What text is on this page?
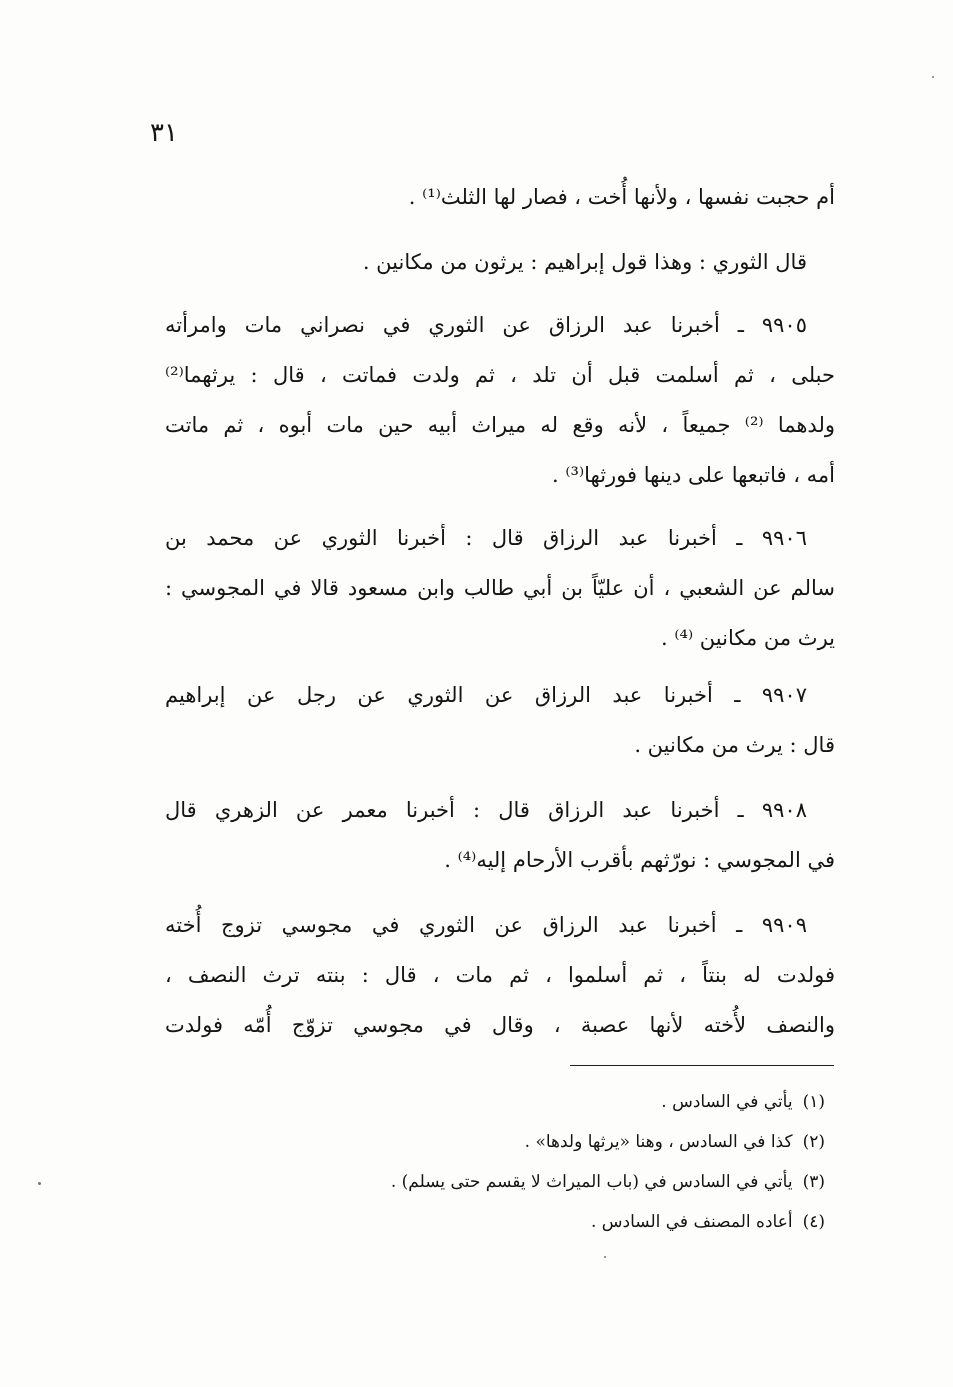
٣١
أم حجبت نفسها ، ولأنها أُخت ، فصار لها الثلث⁽¹⁾ .
قال الثوري : وهذا قول إبراهيم : يرثون من مكانين .
٩٩٠٥ ـ أخبرنا عبد الرزاق عن الثوري في نصراني مات وامرأته
حبلى ، ثم أسلمت قبل أن تلد ، ثم ولدت فماتت ، قال : يرثهما⁽²⁾
ولدهما ⁽²⁾ جميعاً ، لأنه وقع له ميراث أبيه حين مات أبوه ، ثم ماتت
أمه ، فاتبعها على دينها فورثها⁽³⁾ .
٩٩٠٦ ـ أخبرنا عبد الرزاق قال : أخبرنا الثوري عن محمد بن
سالم عن الشعبي ، أن عليّاً بن أبي طالب وابن مسعود قالا في المجوسي :
يرث من مكانين ⁽⁴⁾ .
٩٩٠٧ ـ أخبرنا عبد الرزاق عن الثوري عن رجل عن إبراهيم
قال : يرث من مكانين .
٩٩٠٨ ـ أخبرنا عبد الرزاق قال : أخبرنا معمر عن الزهري قال
في المجوسي : نورّثهم بأقرب الأرحام إليه⁽⁴⁾ .
٩٩٠٩ ـ أخبرنا عبد الرزاق عن الثوري في مجوسي تزوج أُخته
فولدت له بنتاً ، ثم أسلموا ، ثم مات ، قال : بنته ترث النصف ،
والنصف لأُخته لأنها عصبة ، وقال في مجوسي تزوّج أُمّه فولدت
(١)يأتي في السادس .
(٢)كذا في السادس ، وهنا «يرثها ولدها» .
(٣)يأتي في السادس في (باب الميراث لا يقسم حتى يسلم) .
(٤)أعاده المصنف في السادس .
